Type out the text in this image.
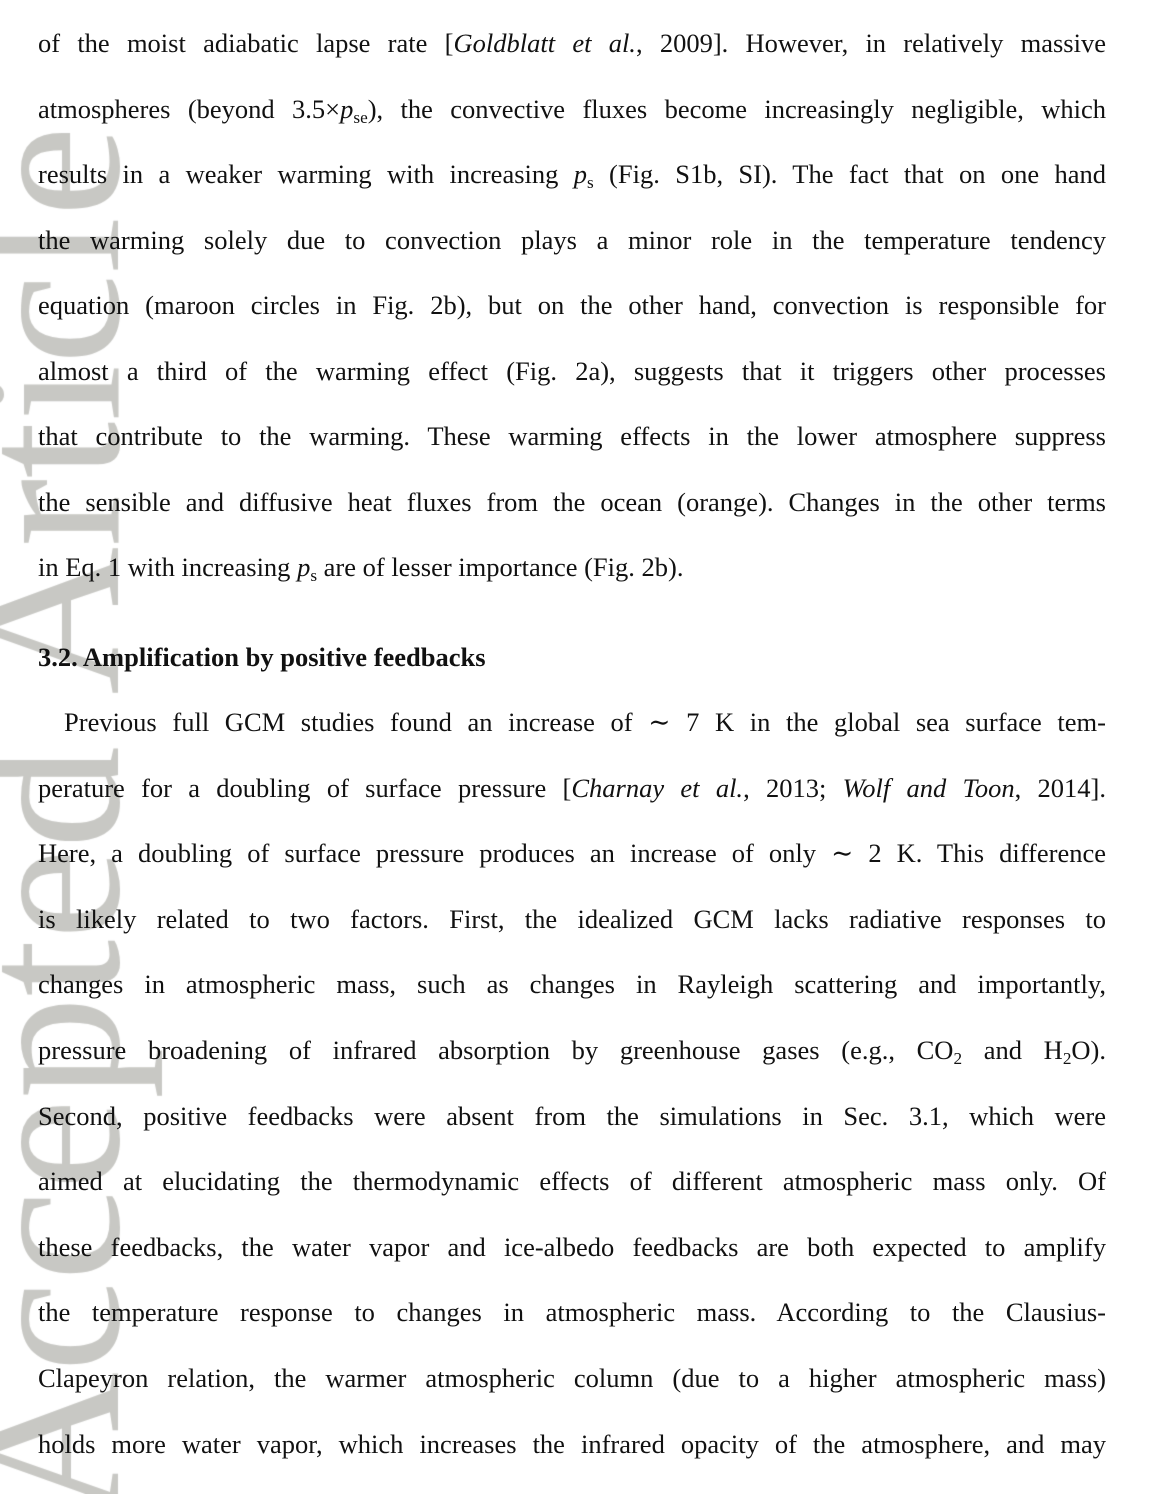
of the moist adiabatic lapse rate [Goldblatt et al., 2009]. However, in relatively massive
atmospheres (beyond $3.5\times p_{se}$), the convective fluxes become increasingly negligible, which
results in a weaker warming with increasing $p_s$ (Fig. S1b, SI). The fact that on one hand
the warming solely due to convection plays a minor role in the temperature tendency
equation (maroon circles in Fig. 2b), but on the other hand, convection is responsible for
almost a third of the warming effect (Fig. 2a), suggests that it triggers other processes
that contribute to the warming. These warming effects in the lower atmosphere suppress
the sensible and diffusive heat fluxes from the ocean (orange). Changes in the other terms
in Eq. 1 with increasing $p_s$ are of lesser importance (Fig. 2b).
3.2. Amplification by positive feedbacks
Previous full GCM studies found an increase of ∼ 7 K in the global sea surface tem-
perature for a doubling of surface pressure [Charnay et al., 2013; Wolf and Toon, 2014].
Here, a doubling of surface pressure produces an increase of only ∼ 2 K. This difference
is likely related to two factors. First, the idealized GCM lacks radiative responses to
changes in atmospheric mass, such as changes in Rayleigh scattering and importantly,
pressure broadening of infrared absorption by greenhouse gases (e.g., $CO_2$ and $H_2O$).
Second, positive feedbacks were absent from the simulations in Sec. 3.1, which were
aimed at elucidating the thermodynamic effects of different atmospheric mass only. Of
these feedbacks, the water vapor and ice-albedo feedbacks are both expected to amplify
the temperature response to changes in atmospheric mass. According to the Clausius-
Clapeyron relation, the warmer atmospheric column (due to a higher atmospheric mass)
holds more water vapor, which increases the infrared opacity of the atmosphere, and may
